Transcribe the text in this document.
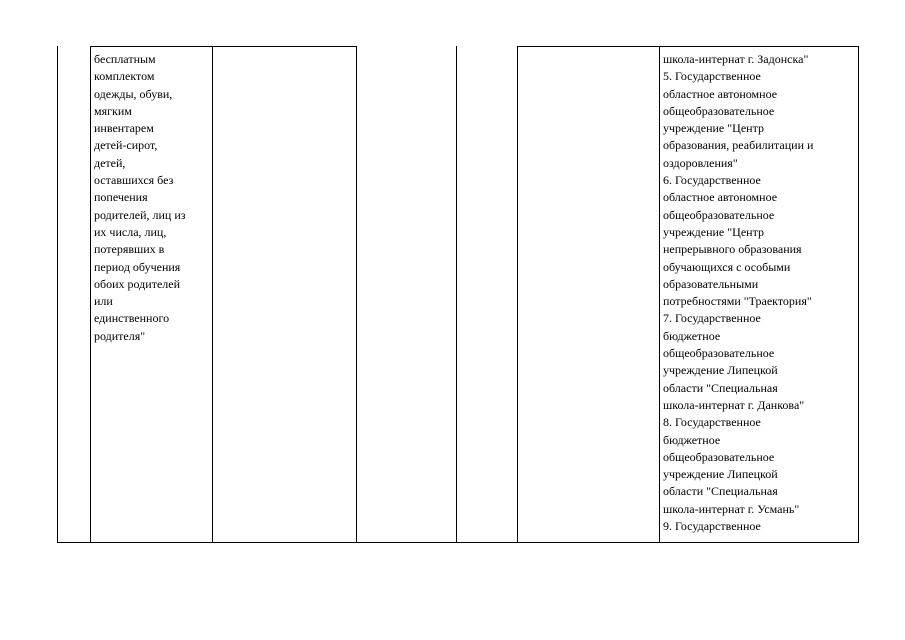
бесплатным
комплектом
одежды, обуви,
мягким
инвентарем
детей-сирот,
детей,
оставшихся без
попечения
родителей, лиц из
их числа, лиц,
потерявших в
период обучения
обоих родителей
или
единственного
родителя"
школа-интернат г. Задонска"
5. Государственное
областное автономное
общеобразовательное
учреждение "Центр
образования, реабилитации и
оздоровления"
6. Государственное
областное автономное
общеобразовательное
учреждение "Центр
непрерывного образования
обучающихся с особыми
образовательными
потребностями "Траектория"
7. Государственное
бюджетное
общеобразовательное
учреждение Липецкой
области "Специальная
школа-интернат г. Данкова"
8. Государственное
бюджетное
общеобразовательное
учреждение Липецкой
области "Специальная
школа-интернат г. Усмань"
9. Государственное
